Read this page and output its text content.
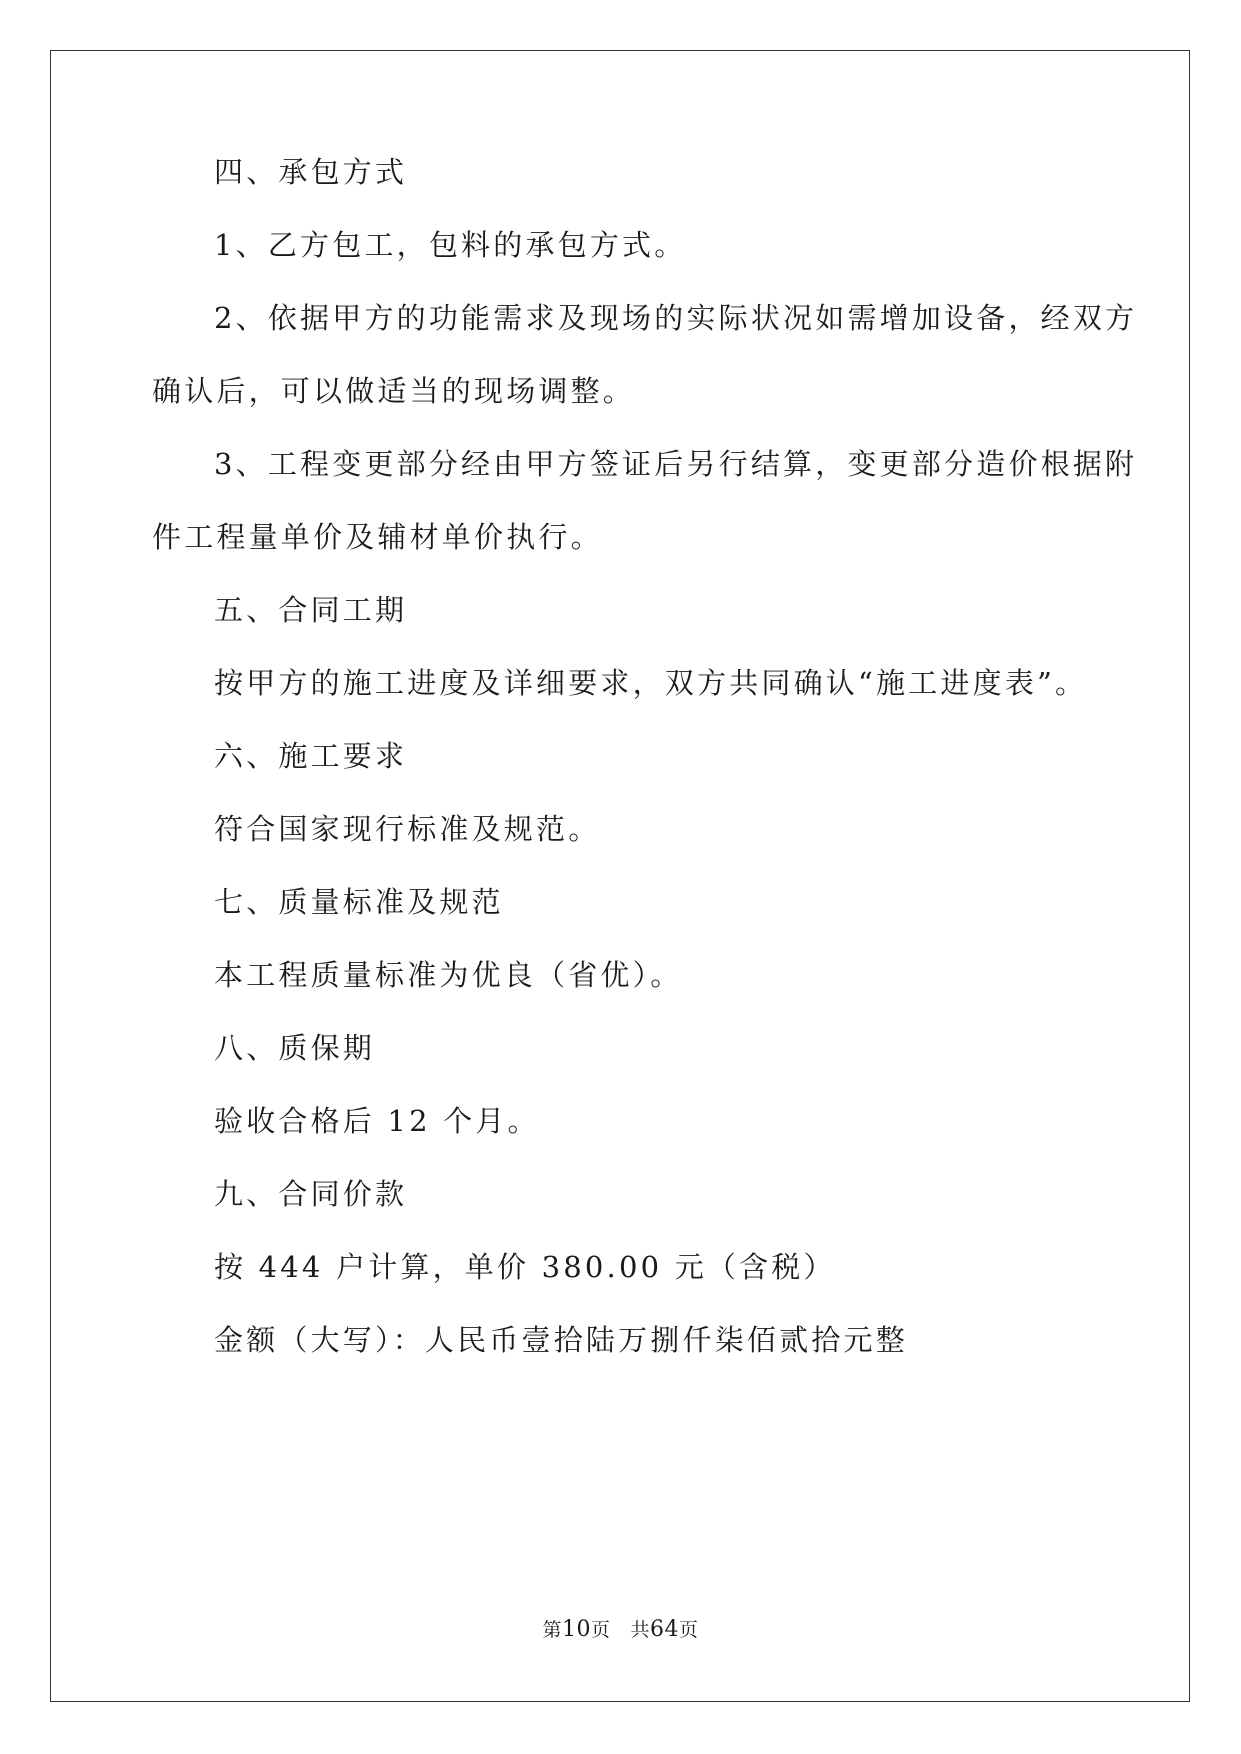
四、承包方式
1、乙方包工，包料的承包方式。
2、依据甲方的功能需求及现场的实际状况如需增加设备，经双方
确认后，可以做适当的现场调整。
3、工程变更部分经由甲方签证后另行结算，变更部分造价根据附
件工程量单价及辅材单价执行。
五、合同工期
按甲方的施工进度及详细要求，双方共同确认“施工进度表”。
六、施工要求
符合国家现行标准及规范。
七、质量标准及规范
本工程质量标准为优良（省优）。
八、质保期
验收合格后 12 个月。
九、合同价款
按 444 户计算，单价 380.00 元（含税）
金额（大写）：人民币壹拾陆万捌仟柒佰贰拾元整
第10页 共64页
